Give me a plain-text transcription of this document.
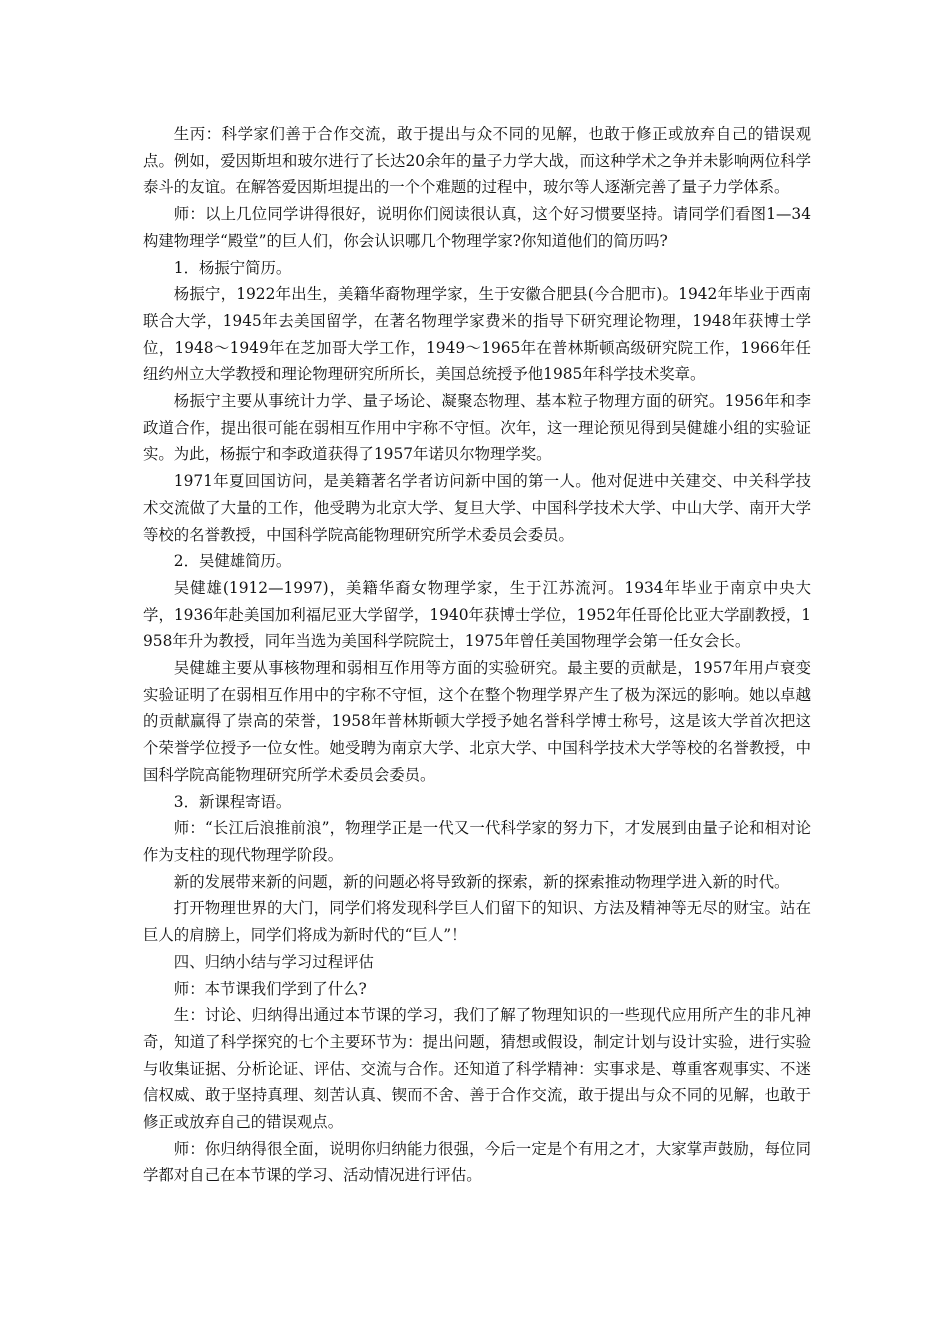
生丙：科学家们善于合作交流，敢于提出与众不同的见解，也敢于修正或放弃自己的错误观点。例如，爱因斯坦和玻尔进行了长达20余年的量子力学大战，而这种学术之争并未影响两位科学泰斗的友谊。在解答爱因斯坦提出的一个个难题的过程中，玻尔等人逐渐完善了量子力学体系。

师：以上几位同学讲得很好，说明你们阅读很认真，这个好习惯要坚持。请同学们看图1—34构建物理学“殿堂”的巨人们，你会认识哪几个物理学家?你知道他们的简历吗?

1．杨振宁简历。

杨振宁，1922年出生，美籍华裔物理学家，生于安徽合肥县(今合肥市)。1942年毕业于西南联合大学，1945年去美国留学，在著名物理学家费米的指导下研究理论物理，1948年获博士学位，1948～1949年在芝加哥大学工作，1949～1965年在普林斯顿高级研究院工作，1966年任纽约州立大学教授和理论物理研究所所长，美国总统授予他1985年科学技术奖章。

杨振宁主要从事统计力学、量子场论、凝聚态物理、基本粒子物理方面的研究。1956年和李政道合作，提出很可能在弱相互作用中宇称不守恒。次年，这一理论预见得到吴健雄小组的实验证实。为此，杨振宁和李政道获得了1957年诺贝尔物理学奖。

1971年夏回国访问，是美籍著名学者访问新中国的第一人。他对促进中关建交、中关科学技术交流做了大量的工作，他受聘为北京大学、复旦大学、中国科学技术大学、中山大学、南开大学等校的名誉教授，中国科学院高能物理研究所学术委员会委员。

2．吴健雄简历。

吴健雄(1912—1997)，美籍华裔女物理学家，生于江苏流河。1934年毕业于南京中央大学，1936年赴美国加利福尼亚大学留学，1940年获博士学位，1952年任哥伦比亚大学副教授，1958年升为教授，同年当选为美国科学院院士，1975年曾任美国物理学会第一任女会长。

吴健雄主要从事核物理和弱相互作用等方面的实验研究。最主要的贡献是，1957年用卢衰变实验证明了在弱相互作用中的宇称不守恒，这个在整个物理学界产生了极为深远的影响。她以卓越的贡献赢得了崇高的荣誉，1958年普林斯顿大学授予她名誉科学博士称号，这是该大学首次把这个荣誉学位授予一位女性。她受聘为南京大学、北京大学、中国科学技术大学等校的名誉教授，中国科学院高能物理研究所学术委员会委员。

3．新课程寄语。

师：“长江后浪推前浪”，物理学正是一代又一代科学家的努力下，才发展到由量子论和相对论作为支柱的现代物理学阶段。

新的发展带来新的问题，新的问题必将导致新的探索，新的探索推动物理学进入新的时代。

打开物理世界的大门，同学们将发现科学巨人们留下的知识、方法及精神等无尽的财宝。站在巨人的肩膀上，同学们将成为新时代的“巨人”！

四、归纳小结与学习过程评估

师：本节课我们学到了什么?

生：讨论、归纳得出通过本节课的学习，我们了解了物理知识的一些现代应用所产生的非凡神奇，知道了科学探究的七个主要环节为：提出问题，猜想或假设，制定计划与设计实验，进行实验与收集证据、分析论证、评估、交流与合作。还知道了科学精神：实事求是、尊重客观事实、不迷信权威、敢于坚持真理、刻苦认真、锲而不舍、善于合作交流，敢于提出与众不同的见解，也敢于修正或放弃自己的错误观点。

师：你归纳得很全面，说明你归纳能力很强，今后一定是个有用之才，大家掌声鼓励，每位同学都对自己在本节课的学习、活动情况进行评估。
